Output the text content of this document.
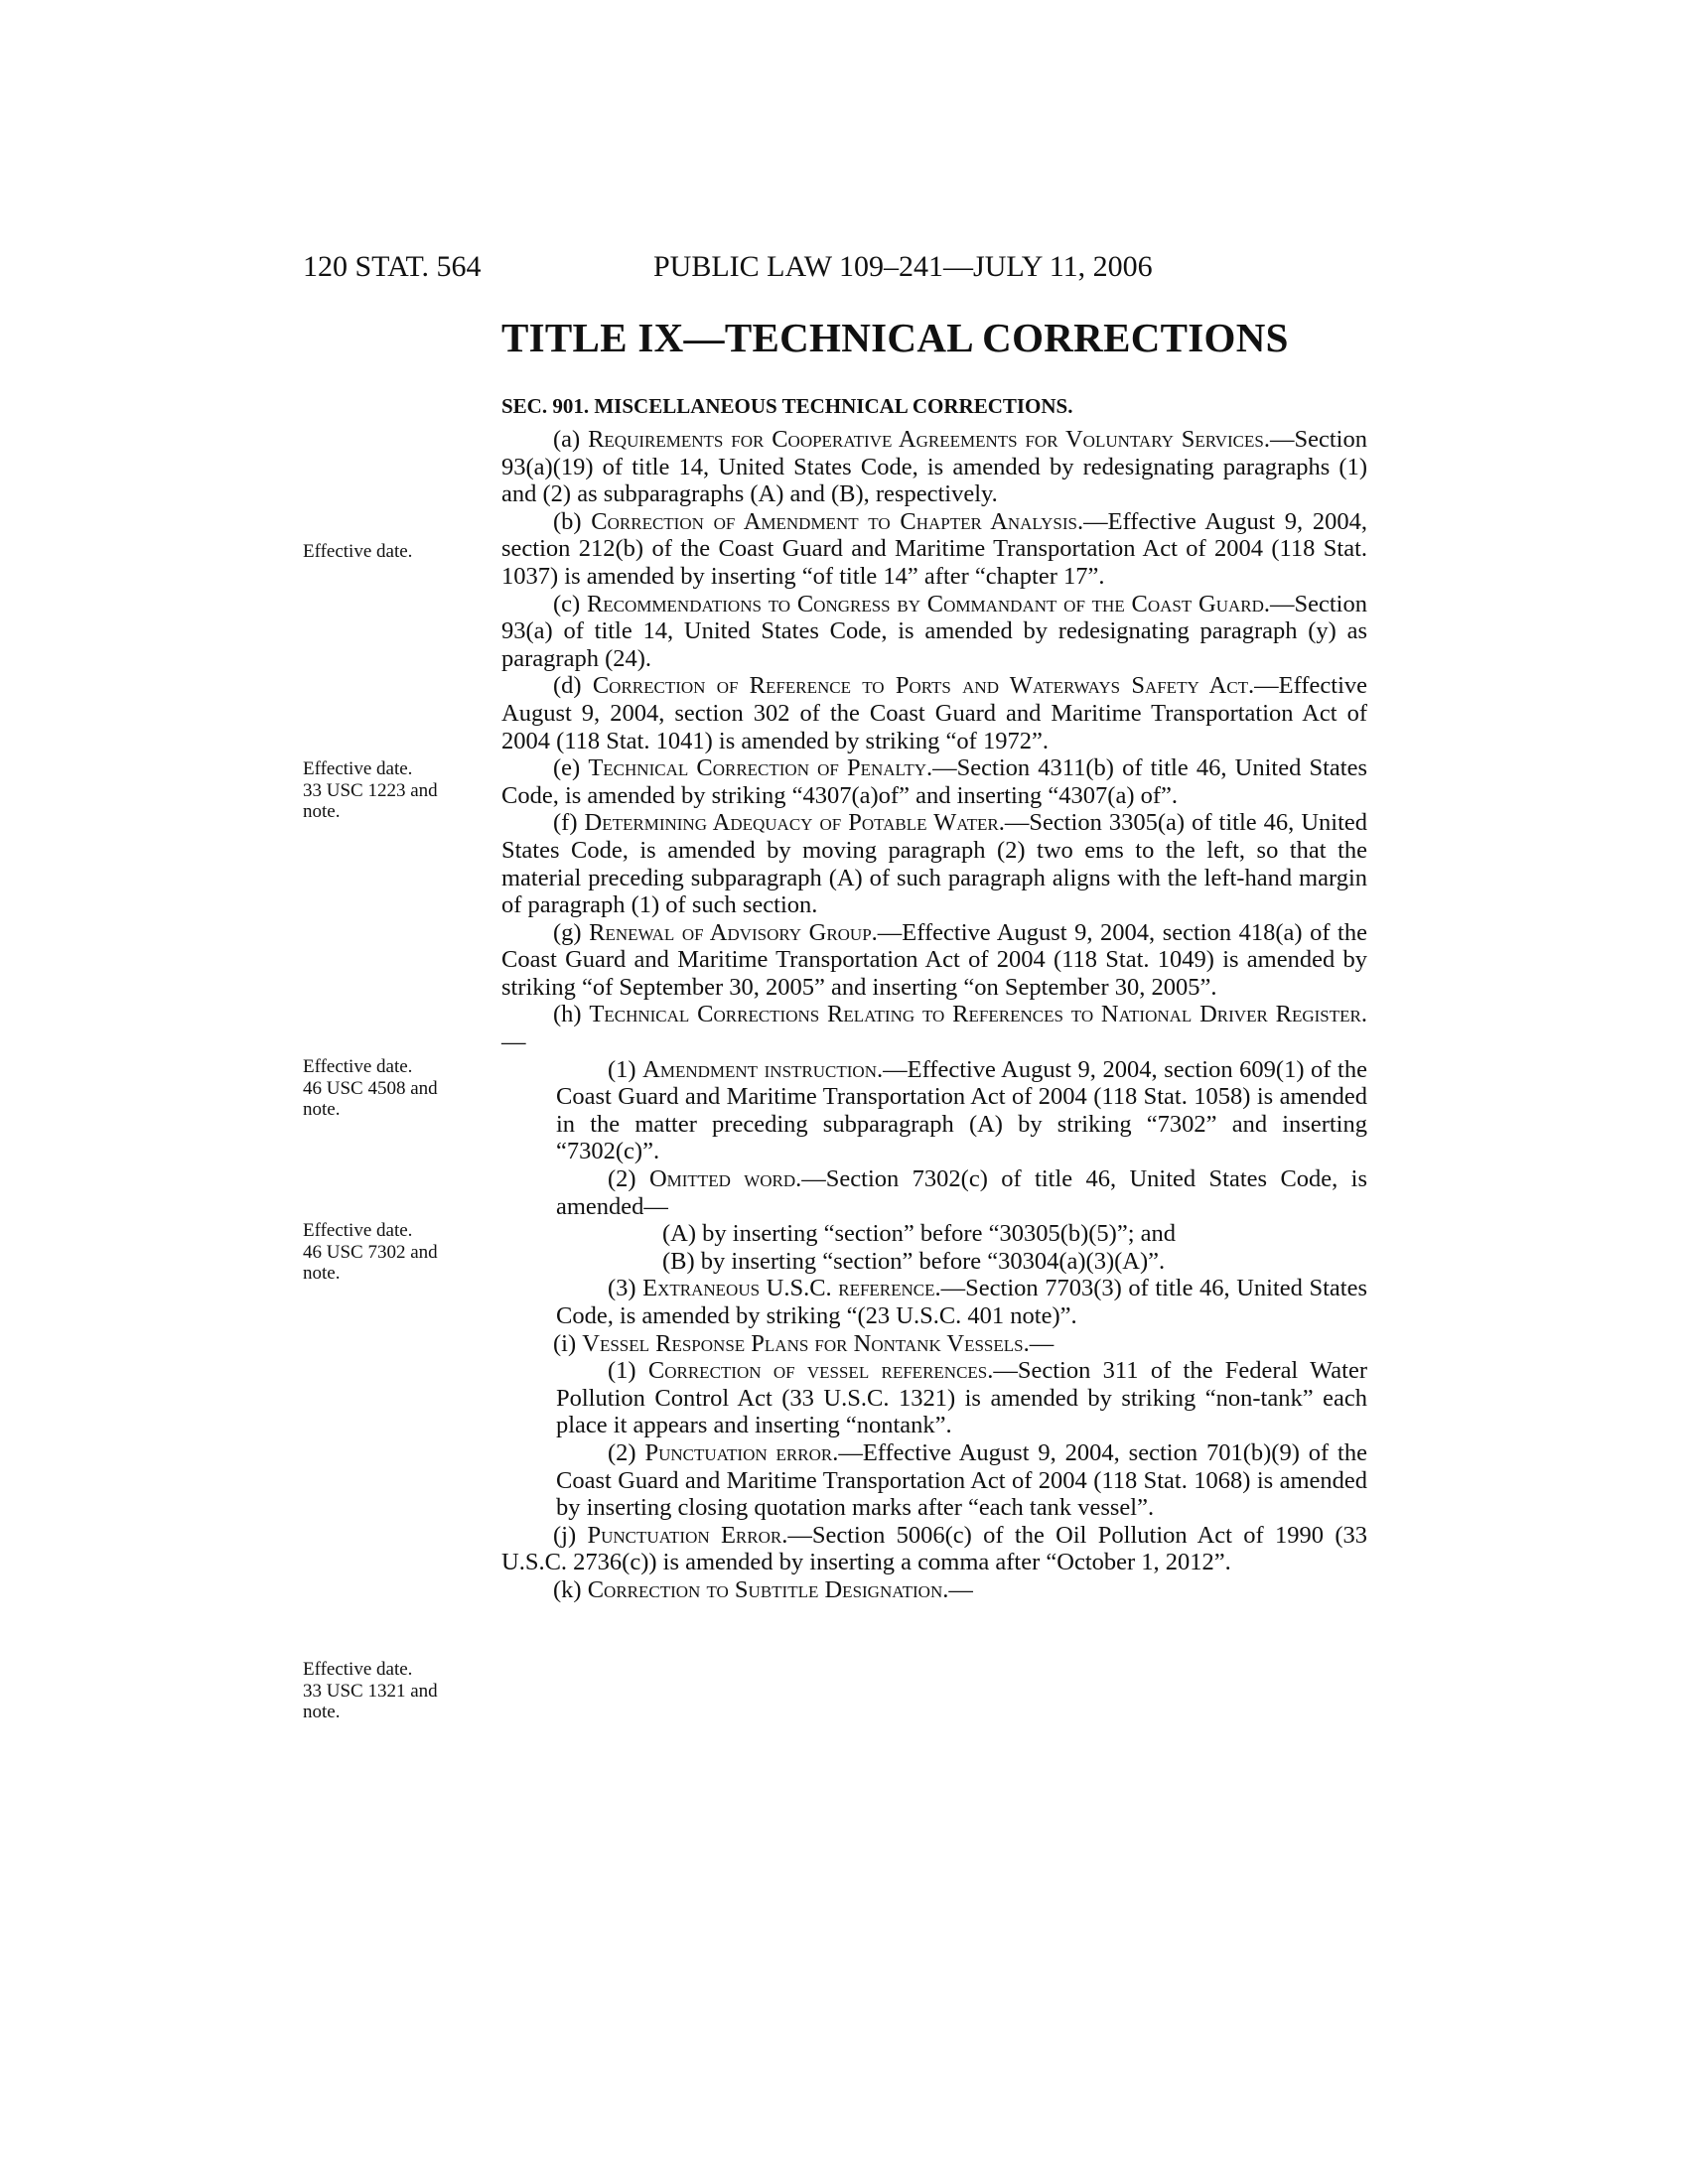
120 STAT. 564	PUBLIC LAW 109–241—JULY 11, 2006
TITLE IX—TECHNICAL CORRECTIONS
SEC. 901. MISCELLANEOUS TECHNICAL CORRECTIONS.

(a) Requirements for Cooperative Agreements for Voluntary Services.—Section 93(a)(19) of title 14, United States Code, is amended by redesignating paragraphs (1) and (2) as subparagraphs (A) and (B), respectively.

(b) Correction of Amendment to Chapter Analysis.—Effective August 9, 2004, section 212(b) of the Coast Guard and Maritime Transportation Act of 2004 (118 Stat. 1037) is amended by inserting “of title 14” after “chapter 17”.

(c) Recommendations to Congress by Commandant of the Coast Guard.—Section 93(a) of title 14, United States Code, is amended by redesignating paragraph (y) as paragraph (24).

(d) Correction of Reference to Ports and Waterways Safety Act.—Effective August 9, 2004, section 302 of the Coast Guard and Maritime Transportation Act of 2004 (118 Stat. 1041) is amended by striking “of 1972”.

(e) Technical Correction of Penalty.—Section 4311(b) of title 46, United States Code, is amended by striking “4307(a)of” and inserting “4307(a) of”.

(f) Determining Adequacy of Potable Water.—Section 3305(a) of title 46, United States Code, is amended by moving paragraph (2) two ems to the left, so that the material preceding subparagraph (A) of such paragraph aligns with the left-hand margin of paragraph (1) of such section.

(g) Renewal of Advisory Group.—Effective August 9, 2004, section 418(a) of the Coast Guard and Maritime Transportation Act of 2004 (118 Stat. 1049) is amended by striking “of September 30, 2005” and inserting “on September 30, 2005”.

(h) Technical Corrections Relating to References to National Driver Register.—

(1) Amendment instruction.—Effective August 9, 2004, section 609(1) of the Coast Guard and Maritime Transportation Act of 2004 (118 Stat. 1058) is amended in the matter preceding subparagraph (A) by striking “7302” and inserting “7302(c)”.

(2) Omitted word.—Section 7302(c) of title 46, United States Code, is amended—

(A) by inserting “section” before “30305(b)(5)”; and

(B) by inserting “section” before “30304(a)(3)(A)”.

(3) Extraneous U.S.C. reference.—Section 7703(3) of title 46, United States Code, is amended by striking “(23 U.S.C. 401 note)”.

(i) Vessel Response Plans for Nontank Vessels.—

(1) Correction of vessel references.—Section 311 of the Federal Water Pollution Control Act (33 U.S.C. 1321) is amended by striking “non-tank” each place it appears and inserting “nontank”.

(2) Punctuation error.—Effective August 9, 2004, section 701(b)(9) of the Coast Guard and Maritime Transportation Act of 2004 (118 Stat. 1068) is amended by inserting closing quotation marks after “each tank vessel”.

(j) Punctuation Error.—Section 5006(c) of the Oil Pollution Act of 1990 (33 U.S.C. 2736(c)) is amended by inserting a comma after “October 1, 2012”.

(k) Correction to Subtitle Designation.—

Effective date.
Effective date.
33 USC 1223 and
note.
Effective date.
46 USC 4508 and
note.
Effective date.
46 USC 7302 and
note.
Effective date.
33 USC 1321 and
note.
